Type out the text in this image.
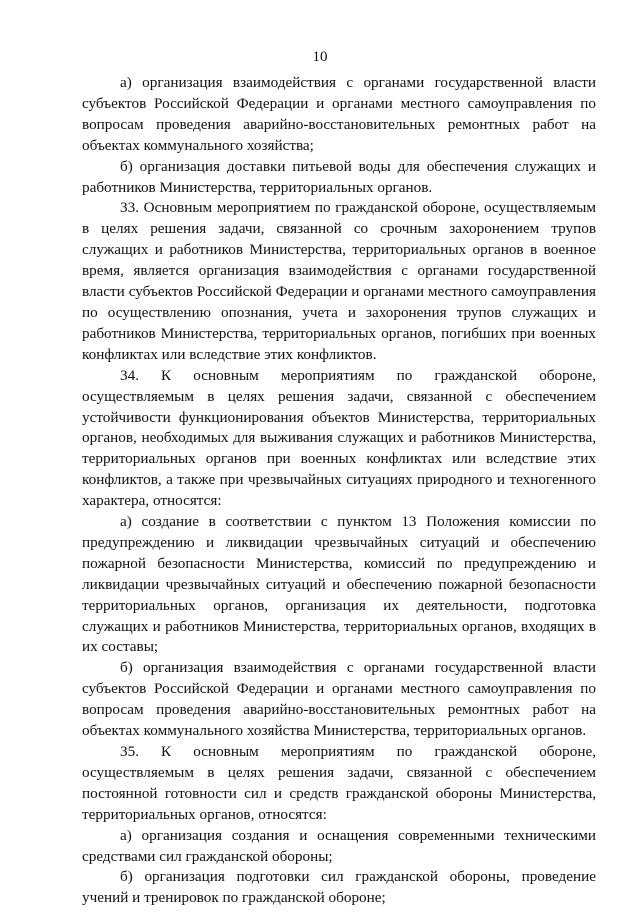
10

а) организация взаимодействия с органами государственной власти субъектов Российской Федерации и органами местного самоуправления по вопросам проведения аварийно-восстановительных ремонтных работ на объектах коммунального хозяйства;

б) организация доставки питьевой воды для обеспечения служащих и работников Министерства, территориальных органов.

33. Основным мероприятием по гражданской обороне, осуществляемым в целях решения задачи, связанной со срочным захоронением трупов служащих и работников Министерства, территориальных органов в военное время, является организация взаимодействия с органами государственной власти субъектов Российской Федерации и органами местного самоуправления по осуществлению опознания, учета и захоронения трупов служащих и работников Министерства, территориальных органов, погибших при военных конфликтах или вследствие этих конфликтов.

34. К основным мероприятиям по гражданской обороне, осуществляемым в целях решения задачи, связанной с обеспечением устойчивости функционирования объектов Министерства, территориальных органов, необходимых для выживания служащих и работников Министерства, территориальных органов при военных конфликтах или вследствие этих конфликтов, а также при чрезвычайных ситуациях природного и техногенного характера, относятся:

а) создание в соответствии с пунктом 13 Положения комиссии по предупреждению и ликвидации чрезвычайных ситуаций и обеспечению пожарной безопасности Министерства, комиссий по предупреждению и ликвидации чрезвычайных ситуаций и обеспечению пожарной безопасности территориальных органов, организация их деятельности, подготовка служащих и работников Министерства, территориальных органов, входящих в их составы;

б) организация взаимодействия с органами государственной власти субъектов Российской Федерации и органами местного самоуправления по вопросам проведения аварийно-восстановительных ремонтных работ на объектах коммунального хозяйства Министерства, территориальных органов.

35. К основным мероприятиям по гражданской обороне, осуществляемым в целях решения задачи, связанной с обеспечением постоянной готовности сил и средств гражданской обороны Министерства, территориальных органов, относятся:

а) организация создания и оснащения современными техническими средствами сил гражданской обороны;

б) организация подготовки сил гражданской обороны, проведение учений и тренировок по гражданской обороне;
